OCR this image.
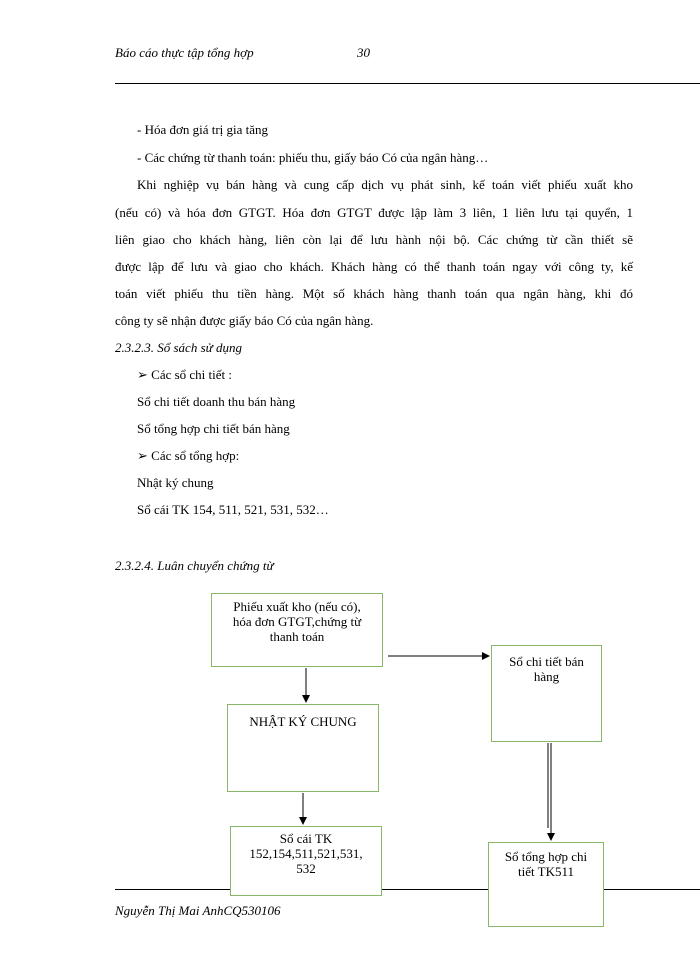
Báo cáo thực tập tổng hợp	30
- Hóa đơn giá trị gia tăng
- Các chứng từ thanh toán: phiếu thu, giấy báo Có của ngân hàng…
Khi nghiệp vụ bán hàng và cung cấp dịch vụ phát sinh, kế toán viết phiếu xuất kho
(nếu có) và hóa đơn GTGT. Hóa đơn GTGT được lập làm 3 liên, 1 liên lưu tại quyển, 1
liên giao cho khách hàng, liên còn lại để lưu hành nội bộ. Các chứng từ cần thiết sẽ
được lập để lưu và giao cho khách. Khách hàng có thể thanh toán ngay với công ty, kế
toán viết phiếu thu tiền hàng. Một số khách hàng thanh toán qua ngân hàng, khi đó
công ty sẽ nhận được giấy báo Có của ngân hàng.
2.3.2.3. Sổ sách sử dụng
➢ Các sổ chi tiết :
Sổ chi tiết doanh thu bán hàng
Sổ tổng hợp chi tiết bán hàng
➢ Các sổ tổng hợp:
Nhật ký chung
Sổ cái TK 154, 511, 521, 531, 532…
2.3.2.4. Luân chuyển chứng từ
Phiếu xuất kho (nếu có),
hóa đơn GTGT,chứng từ
thanh toán
NHẬT KÝ CHUNG
Sổ cái TK
152,154,511,521,531,
532
Sổ chi tiết bán
hàng
Sổ tổng hợp chi
tiết TK511
Nguyễn Thị Mai AnhCQ530106
